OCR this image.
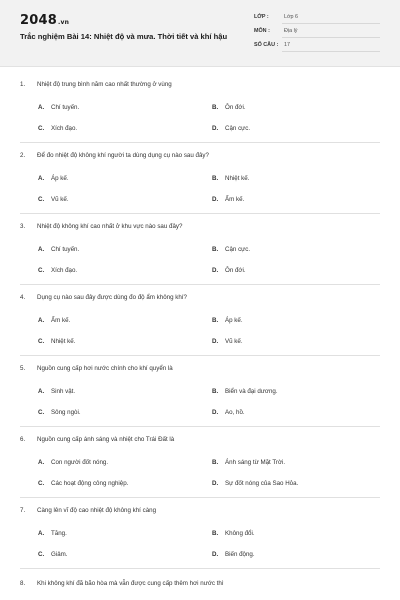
2048.vn
Trắc nghiệm Bài 14: Nhiệt độ và mưa. Thời tiết và khí hậu
LỚP :	Lớp 6
MÔN :	Địa lý
SỐ CÂU : 17
1. Nhiệt độ trung bình năm cao nhất thường ở vùng
A. Chí tuyến.	B. Ôn đới.
C. Xích đạo.	D. Cận cực.
2. Để đo nhiệt độ không khí người ta dùng dụng cụ nào sau đây?
A. Áp kế.	B. Nhiệt kế.
C. Vũ kế.	D. Ẩm kế.
3. Nhiệt độ không khí cao nhất ở khu vực nào sau đây?
A. Chí tuyến.	B. Cận cực.
C. Xích đạo.	D. Ôn đới.
4. Dụng cụ nào sau đây được dùng đo độ ẩm không khí?
A. Ẩm kế.	B. Áp kế.
C. Nhiệt kế.	D. Vũ kế.
5. Nguồn cung cấp hơi nước chính cho khí quyển là
A. Sinh vật.	B. Biển và đại dương.
C. Sông ngòi.	D. Ao, hồ.
6. Nguồn cung cấp ánh sáng và nhiệt cho Trái Đất là
A. Con người đốt nóng.	B. Ánh sáng từ Mặt Trời.
C. Các hoạt động công nghiệp.	D. Sự đốt nóng của Sao Hỏa.
7. Càng lên vĩ độ cao nhiệt độ không khí càng
A. Tăng.	B. Không đổi.
C. Giảm.	D. Biến động.
8. Khi không khí đã bão hòa mà vẫn được cung cấp thêm hơi nước thì
